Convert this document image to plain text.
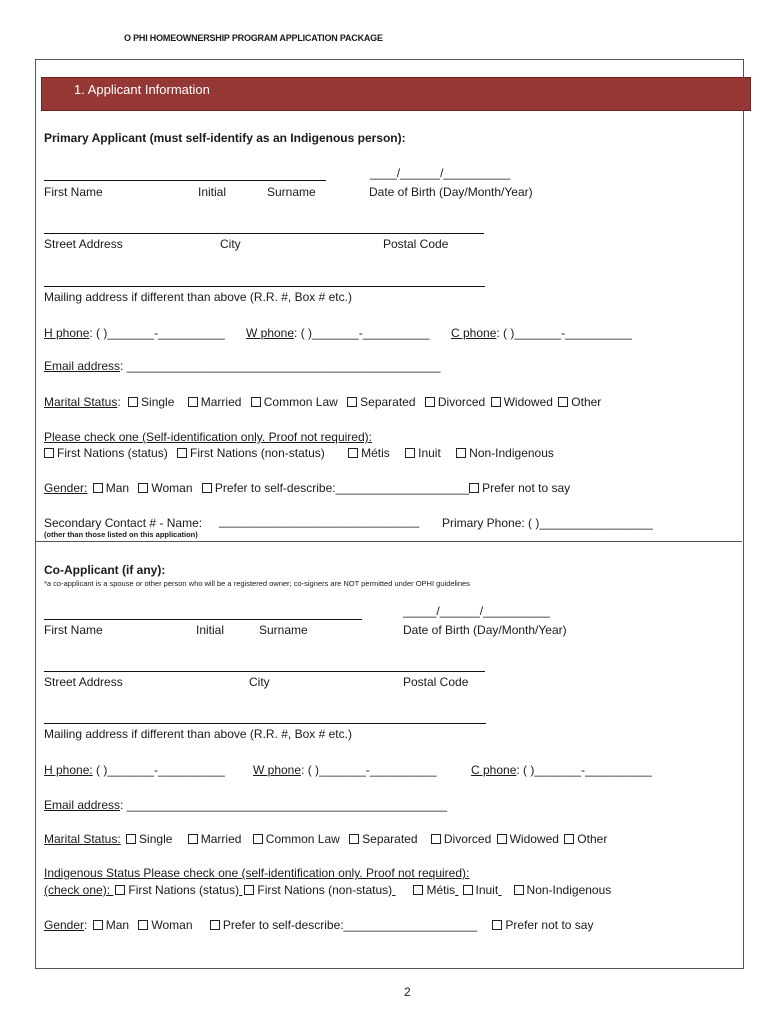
O PHI HOMEOWNERSHIP PROGRAM APPLICATION PACKAGE
1. Applicant Information
Primary Applicant (must self-identify as an Indigenous person):
____/______/__________
First Name	Initial	Surname	Date of Birth (Day/Month/Year)
Street Address	City	Postal Code
Mailing address if different than above (R.R. #, Box # etc.)
H phone: ( )_______-__________ W phone: ( )_______-__________ C phone: ( )_______-__________
Email address: _______________________________________________
Marital Status: Single Married Common Law Separated Divorced Widowed Other
Please check one (Self-identification only. Proof not required):
First Nations (status) First Nations (non-status)	Métis Inuit Non-Indigenous
Gender: Man Woman Prefer to self-describe:____________________ Prefer not to say
Secondary Contact # - Name: ______________________________ Primary Phone: ( )_________________
(other than those listed on this application)
Co-Applicant (if any):
*a co-applicant is a spouse or other person who will be a registered owner; co-signers are NOT permitted under OPHI guidelines
_____/______/__________
First Name	Initial	Surname	Date of Birth (Day/Month/Year)
Street Address	City	Postal Code
Mailing address if different than above (R.R. #, Box # etc.)
H phone: ( )_______-__________ W phone: ( )_______-__________	C phone: ( )_______-__________
Email address: ________________________________________________
Marital Status: Single Married Common Law Separated Divorced Widowed Other
Indigenous Status Please check one (self-identification only. Proof not required):
(check one): First Nations (status) First Nations (non-status)	Métis Inuit Non-Indigenous
Gender: Man Woman	Prefer to self-describe:____________________ Prefer not to say
2
